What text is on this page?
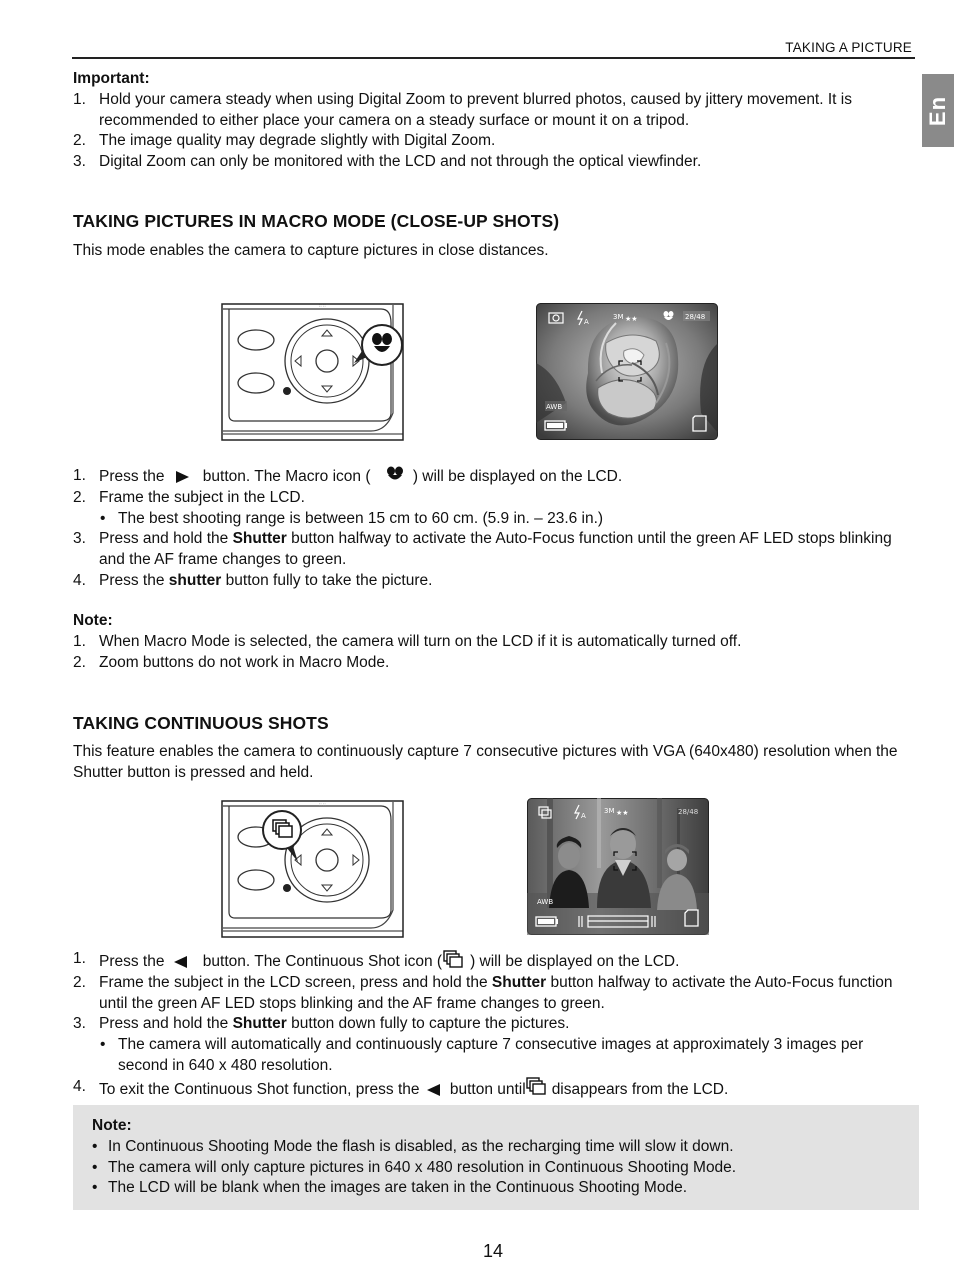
TAKING A PICTURE
En
Important:
1. Hold your camera steady when using Digital Zoom to prevent blurred photos, caused by jittery movement. It is recommended to either place your camera on a steady surface or mount it on a tripod.
2. The image quality may degrade slightly with Digital Zoom.
3. Digital Zoom can only be monitored with the LCD and not through the optical viewfinder.
TAKING PICTURES IN MACRO MODE (CLOSE-UP SHOTS)
This mode enables the camera to capture pictures in close distances.
:: ::
A
3M ★★	28/48
AWB
1. Press the button. The Macro icon (	) will be displayed on the LCD.
2. Frame the subject in the LCD.
• The best shooting range is between 15 cm to 60 cm. (5.9 in. – 23.6 in.)
3. Press and hold the Shutter button halfway to activate the Auto-Focus function until the green AF LED stops blinking and the AF frame changes to green.
4. Press the shutter button fully to take the picture.
Note:
1. When Macro Mode is selected, the camera will turn on the LCD if it is automatically turned off.
2. Zoom buttons do not work in Macro Mode.
TAKING CONTINUOUS SHOTS
This feature enables the camera to continuously capture 7 consecutive pictures with VGA (640x480) resolution when the Shutter button is pressed and held.
:: ::
A
3M ★★	28/48
AWB
1. Press the button. The Continuous Shot icon ( ) will be displayed on the LCD.
2. Frame the subject in the LCD screen, press and hold the Shutter button halfway to activate the Auto-Focus function until the green AF LED stops blinking and the AF frame changes to green.
3. Press and hold the Shutter button down fully to capture the pictures.
• The camera will automatically and continuously capture 7 consecutive images at approximately 3 images per second in 640 x 480 resolution.
4. To exit the Continuous Shot function, press the button until disappears from the LCD.
Note:
• In Continuous Shooting Mode the flash is disabled, as the recharging time will slow it down.
• The camera will only capture pictures in 640 x 480 resolution in Continuous Shooting Mode.
• The LCD will be blank when the images are taken in the Continuous Shooting Mode.
14
